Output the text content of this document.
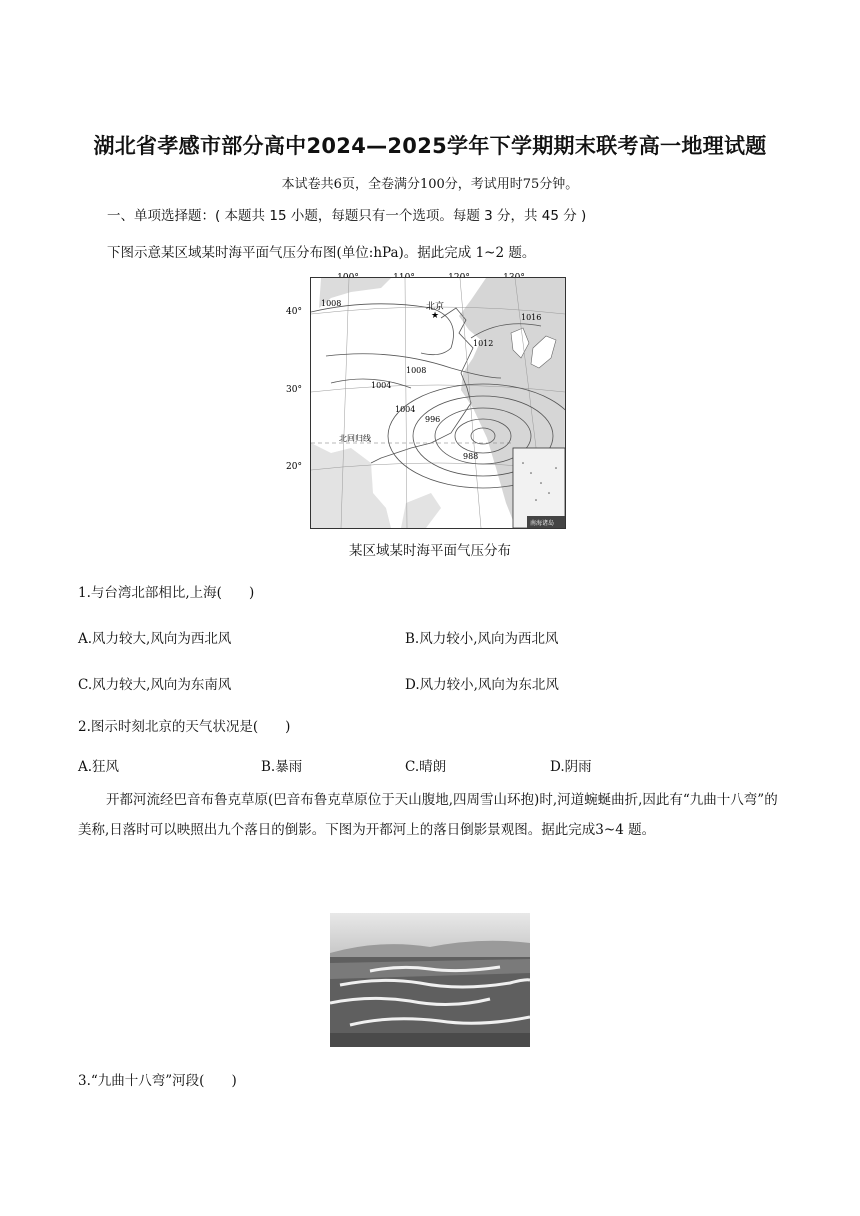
湖北省孝感市部分高中2024—2025学年下学期期末联考高一地理试题
本试卷共6页，全卷满分100分，考试用时75分钟。
一、单项选择题：( 本题共 15 小题，每题只有一个选项。每题 3 分，共 45 分 )
下图示意某区域某时海平面气压分布图(单位:hPa)。据此完成 1~2 题。
40°
30°
20°
北京
★
1008
1012
1016
1008
1004
1004
996
988
北回归线
南海诸岛
某区域某时海平面气压分布
1.与台湾北部相比,上海(　　)
A.风力较大,风向为西北风	B.风力较小,风向为西北风
C.风力较大,风向为东南风	D.风力较小,风向为东北风
2.图示时刻北京的天气状况是(　　)
A.狂风	B.暴雨	C.晴朗	D.阴雨
开都河流经巴音布鲁克草原(巴音布鲁克草原位于天山腹地,四周雪山环抱)时,河道蜿蜒曲折,因此有“九曲十八弯”的美称,日落时可以映照出九个落日的倒影。下图为开都河上的落日倒影景观图。据此完成3~4 题。
3.“九曲十八弯”河段(　　)
